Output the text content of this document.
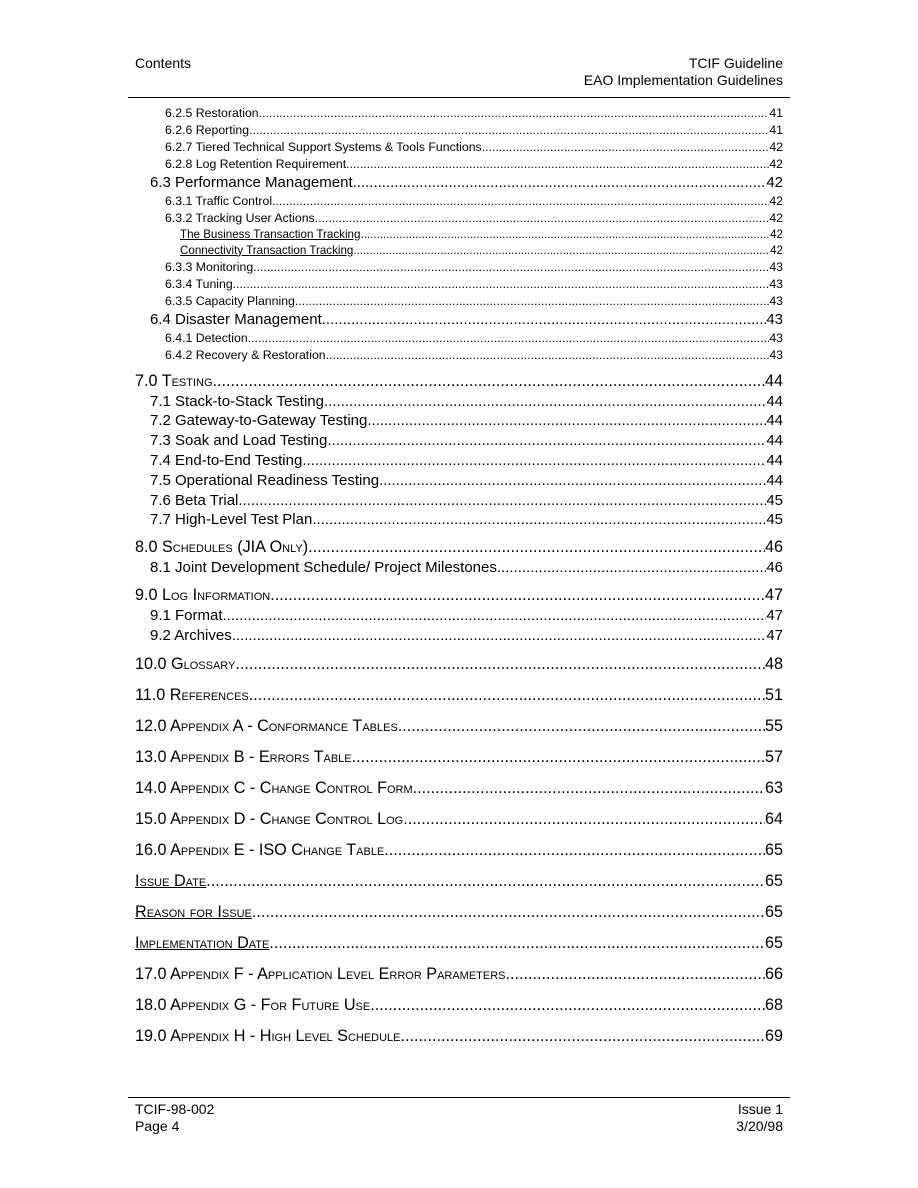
Contents	TCIF Guideline
EAO Implementation Guidelines
6.2.5 Restoration .....	41
6.2.6 Reporting .....	41
6.2.7 Tiered Technical Support Systems & Tools Functions .....	42
6.2.8 Log Retention Requirement .....	42
6.3 Performance Management .....	42
6.3.1 Traffic Control .....	42
6.3.2 Tracking User Actions .....	42
The Business Transaction Tracking .....	42
Connectivity Transaction Tracking .....	42
6.3.3 Monitoring .....	43
6.3.4 Tuning .....	43
6.3.5 Capacity Planning .....	43
6.4 Disaster Management .....	43
6.4.1 Detection .....	43
6.4.2 Recovery & Restoration .....	43
7.0 Testing .....	44
7.1 Stack-to-Stack Testing .....	44
7.2 Gateway-to-Gateway Testing .....	44
7.3 Soak and Load Testing .....	44
7.4 End-to-End Testing .....	44
7.5 Operational Readiness Testing .....	44
7.6 Beta Trial .....	45
7.7 High-Level Test Plan .....	45
8.0 Schedules (JIA Only) .....	46
8.1 Joint Development Schedule/ Project Milestones .....	46
9.0 Log Information .....	47
9.1 Format .....	47
9.2 Archives .....	47
10.0 Glossary .....	48
11.0 References .....	51
12.0 Appendix A - Conformance Tables .....	55
13.0 Appendix B - Errors Table .....	57
14.0 Appendix C - Change Control Form .....	63
15.0 Appendix D - Change Control Log .....	64
16.0 Appendix E - ISO Change Table .....	65
Issue Date .....	65
Reason for Issue .....	65
Implementation Date .....	65
17.0 Appendix F - Application Level Error Parameters .....	66
18.0 Appendix G - For Future Use .....	68
19.0 Appendix H - High Level Schedule .....	69
TCIF-98-002
Page 4
Issue 1
3/20/98
